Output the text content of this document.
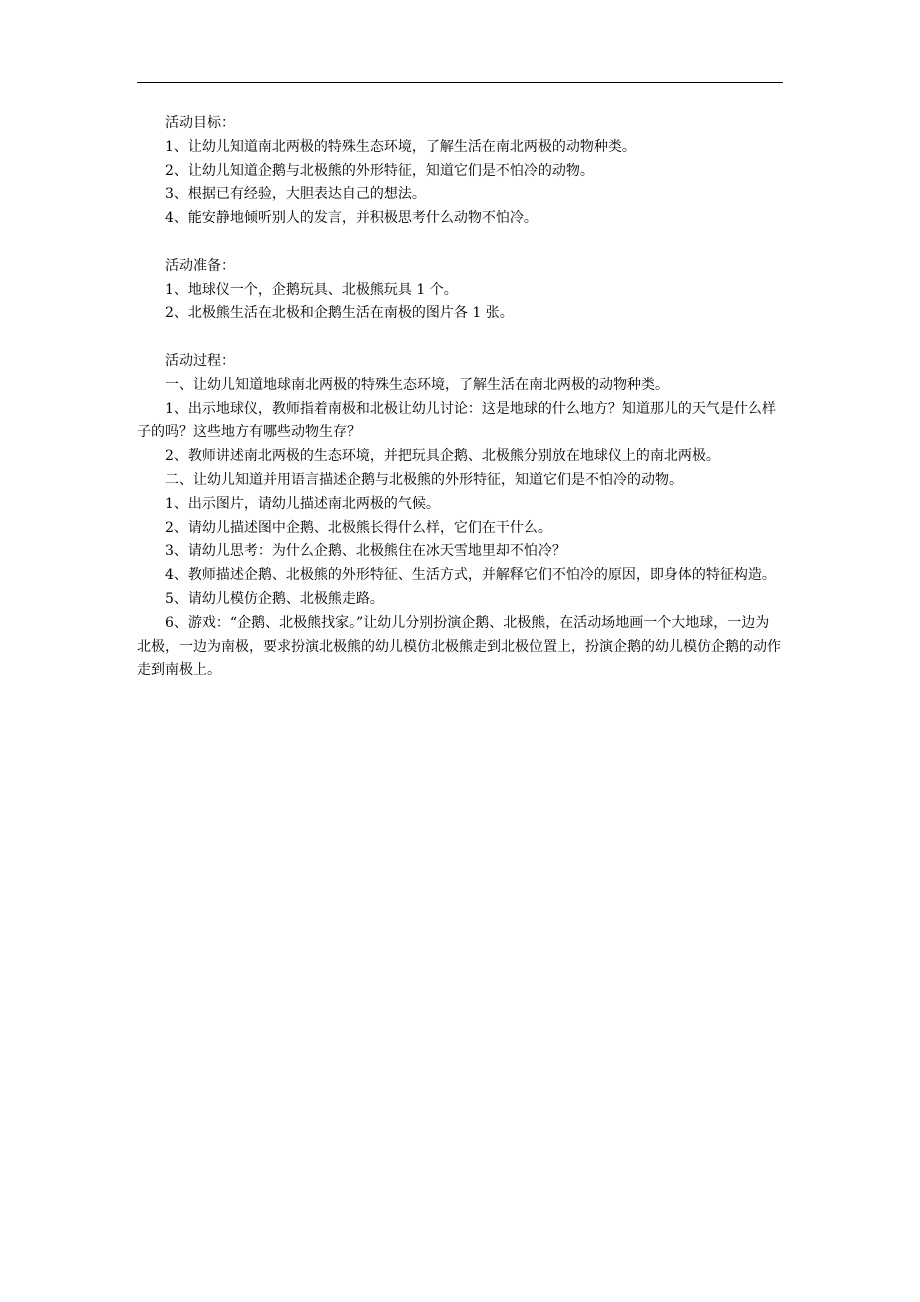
活动目标：

1、让幼儿知道南北两极的特殊生态环境，了解生活在南北两极的动物种类。

2、让幼儿知道企鹅与北极熊的外形特征，知道它们是不怕冷的动物。

3、根据已有经验，大胆表达自己的想法。

4、能安静地倾听别人的发言，并积极思考什么动物不怕冷。

活动准备：

1、地球仪一个，企鹅玩具、北极熊玩具 1 个。

2、北极熊生活在北极和企鹅生活在南极的图片各 1 张。

活动过程：

一、让幼儿知道地球南北两极的特殊生态环境，了解生活在南北两极的动物种类。

1、出示地球仪，教师指着南极和北极让幼儿讨论：这是地球的什么地方？知道那儿的天气是什么样子的吗？这些地方有哪些动物生存？

2、教师讲述南北两极的生态环境，并把玩具企鹅、北极熊分别放在地球仪上的南北两极。

二、让幼儿知道并用语言描述企鹅与北极熊的外形特征，知道它们是不怕冷的动物。

1、出示图片，请幼儿描述南北两极的气候。

2、请幼儿描述图中企鹅、北极熊长得什么样，它们在干什么。

3、请幼儿思考：为什么企鹅、北极熊住在冰天雪地里却不怕冷？

4、教师描述企鹅、北极熊的外形特征、生活方式，并解释它们不怕冷的原因，即身体的特征构造。

5、请幼儿模仿企鹅、北极熊走路。

6、游戏：“企鹅、北极熊找家。”让幼儿分别扮演企鹅、北极熊，在活动场地画一个大地球，一边为北极，一边为南极，要求扮演北极熊的幼儿模仿北极熊走到北极位置上，扮演企鹅的幼儿模仿企鹅的动作走到南极上。
